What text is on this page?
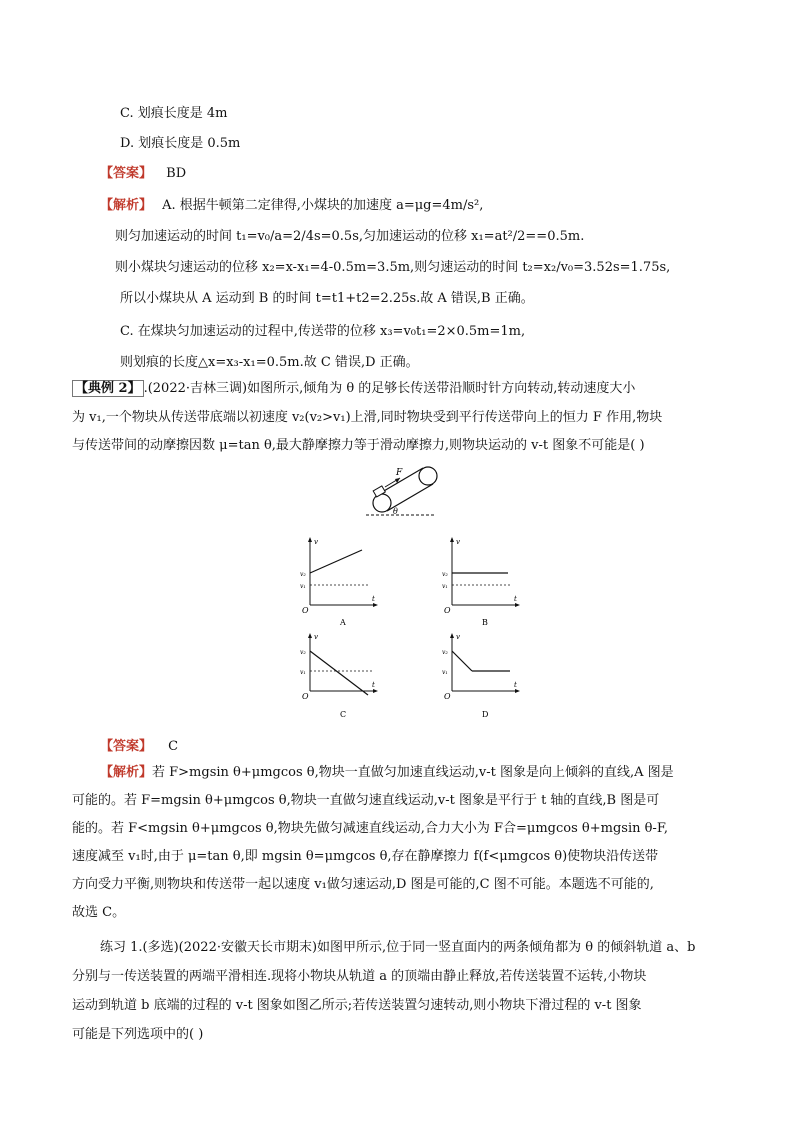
C. 划痕长度是 4m
D. 划痕长度是 0.5m
【答案】 BD
【解析】 A. 根据牛顿第二定律得,小煤块的加速度 a=μg=4m/s²,
则匀加速运动的时间 t₁=v₀/a=2/4s=0.5s,匀加速运动的位移 x₁=at²/2==0.5m.
则小煤块匀速运动的位移 x₂=x-x₁=4-0.5m=3.5m,则匀速运动的时间 t₂=x₂/v₀=3.52s=1.75s,
所以小煤块从 A 运动到 B 的时间 t=t1+t2=2.25s.故 A 错误,B 正确。
C. 在煤块匀加速运动的过程中,传送带的位移 x₃=v₀t₁=2×0.5m=1m,
则划痕的长度△x=x₃-x₁=0.5m.故 C 错误,D 正确。
【典例 2】 .(2022·吉林三调)如图所示,倾角为 θ 的足够长传送带沿顺时针方向转动,转动速度大小
为 v₁,一个物块从传送带底端以初速度 v₂(v₂>v₁)上滑,同时物块受到平行传送带向上的恒力 F 作用,物块
与传送带间的动摩擦因数 μ=tan θ,最大静摩擦力等于滑动摩擦力,则物块运动的 v-t 图象不可能是( )
F
θ
v
t
O
v₂
v₁
A
v
t
O
v₂
v₁
B
v
t
O
v₂
v₁
C
v
t
O
v₂
v₁
D
【答案】 C
【解析】若 F>mgsin θ+μmgcos θ,物块一直做匀加速直线运动,v-t 图象是向上倾斜的直线,A 图是
可能的。若 F=mgsin θ+μmgcos θ,物块一直做匀速直线运动,v-t 图象是平行于 t 轴的直线,B 图是可
能的。若 F<mgsin θ+μmgcos θ,物块先做匀减速直线运动,合力大小为 F合=μmgcos θ+mgsin θ-F,
速度减至 v₁时,由于 μ=tan θ,即 mgsin θ=μmgcos θ,存在静摩擦力 f(f<μmgcos θ)使物块沿传送带
方向受力平衡,则物块和传送带一起以速度 v₁做匀速运动,D 图是可能的,C 图不可能。本题选不可能的,
故选 C。
练习 1.(多选)(2022·安徽天长市期末)如图甲所示,位于同一竖直面内的两条倾角都为 θ 的倾斜轨道 a、b
分别与一传送装置的两端平滑相连.现将小物块从轨道 a 的顶端由静止释放,若传送装置不运转,小物块
运动到轨道 b 底端的过程的 v-t 图象如图乙所示;若传送装置匀速转动,则小物块下滑过程的 v-t 图象
可能是下列选项中的( )
